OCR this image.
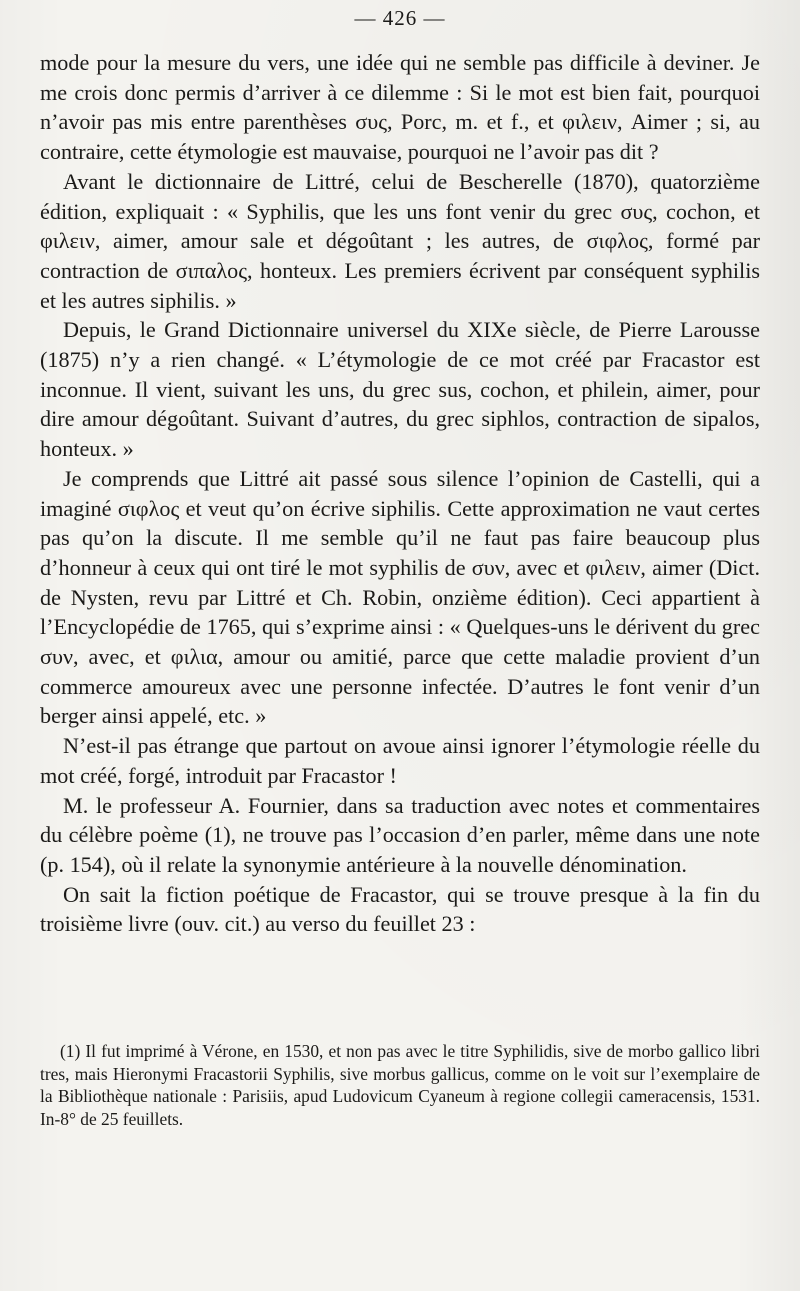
— 426 —

mode pour la mesure du vers, une idée qui ne semble pas difficile à deviner. Je me crois donc permis d’arriver à ce dilemme : Si le mot est bien fait, pourquoi n’avoir pas mis entre parenthèses συς, Porc, m. et f., et φιλειν, Aimer ; si, au contraire, cette étymologie est mauvaise, pourquoi ne l’avoir pas dit ?

Avant le dictionnaire de Littré, celui de Bescherelle (1870), quatorzième édition, expliquait : « Syphilis, que les uns font venir du grec συς, cochon, et φιλειν, aimer, amour sale et dégoûtant ; les autres, de σιφλος, formé par contraction de σιπαλος, honteux. Les premiers écrivent par conséquent syphilis et les autres siphilis. »

Depuis, le Grand Dictionnaire universel du XIXe siècle, de Pierre Larousse (1875) n’y a rien changé. « L’étymologie de ce mot créé par Fracastor est inconnue. Il vient, suivant les uns, du grec sus, cochon, et philein, aimer, pour dire amour dégoûtant. Suivant d’autres, du grec siphlos, contraction de sipalos, honteux. »

Je comprends que Littré ait passé sous silence l’opinion de Castelli, qui a imaginé σιφλος et veut qu’on écrive siphilis. Cette approximation ne vaut certes pas qu’on la discute. Il me semble qu’il ne faut pas faire beaucoup plus d’honneur à ceux qui ont tiré le mot syphilis de συν, avec et φιλειν, aimer (Dict. de Nysten, revu par Littré et Ch. Robin, onzième édition). Ceci appartient à l’Encyclopédie de 1765, qui s’exprime ainsi : « Quelques-uns le dérivent du grec συν, avec, et φιλια, amour ou amitié, parce que cette maladie provient d’un commerce amoureux avec une personne infectée. D’autres le font venir d’un berger ainsi appelé, etc. »

N’est-il pas étrange que partout on avoue ainsi ignorer l’étymologie réelle du mot créé, forgé, introduit par Fracastor !

M. le professeur A. Fournier, dans sa traduction avec notes et commentaires du célèbre poème (1), ne trouve pas l’occasion d’en parler, même dans une note (p. 154), où il relate la synonymie antérieure à la nouvelle dénomination.

On sait la fiction poétique de Fracastor, qui se trouve presque à la fin du troisième livre (ouv. cit.) au verso du feuillet 23 :

(1) Il fut imprimé à Vérone, en 1530, et non pas avec le titre Syphilidis, sive de morbo gallico libri tres, mais Hieronymi Fracastorii Syphilis, sive morbus gallicus, comme on le voit sur l’exemplaire de la Bibliothèque nationale : Parisiis, apud Ludovicum Cyaneum à regione collegii cameracensis, 1531. In-8° de 25 feuillets.
